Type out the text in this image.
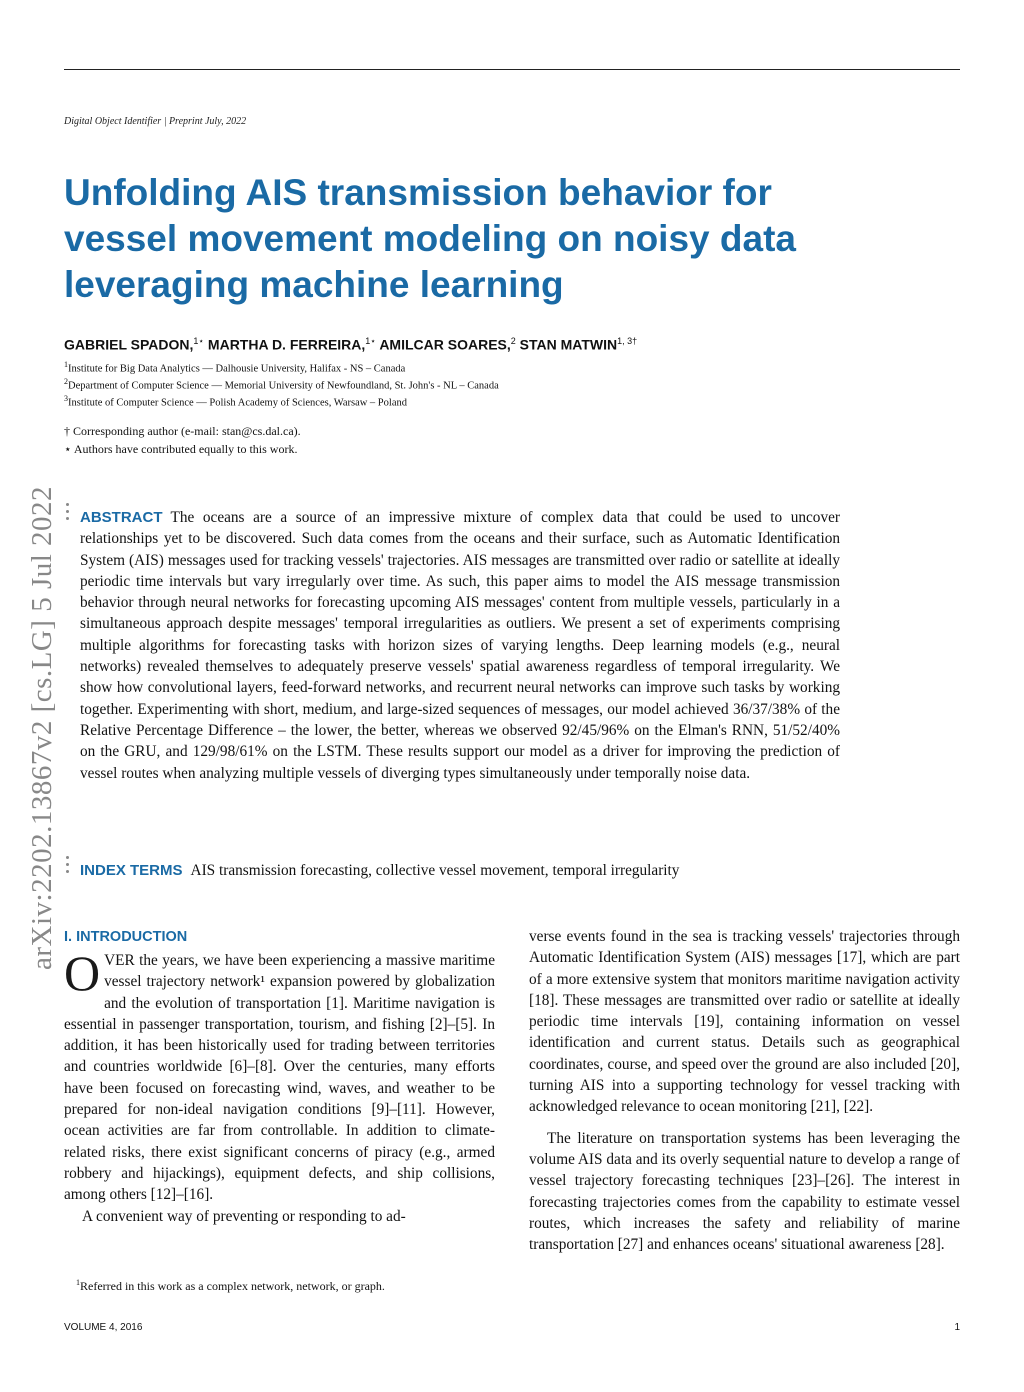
Digital Object Identifier | Preprint July, 2022
Unfolding AIS transmission behavior for vessel movement modeling on noisy data leveraging machine learning
GABRIEL SPADON,$^{1⋆}$ MARTHA D. FERREIRA,$^{1⋆}$ AMILCAR SOARES,$^2$ STAN $MATWIN^{1, 3\dagger}$
$^1$Institute for Big Data Analytics — Dalhousie University, Halifax - NS – Canada
$^2$Department of Computer Science — Memorial University of Newfoundland, St. John's - NL – Canada
$^3$Institute of Computer Science — Polish Academy of Sciences, Warsaw – Poland
† Corresponding author (e-mail: stan@cs.dal.ca).
⋆ Authors have contributed equally to this work.
arXiv:2202.13867v2 [cs.LG] 5 Jul 2022 ABSTRACT The oceans are a source of an impressive mixture of complex data that could be used to uncover relationships yet to be discovered. Such data comes from the oceans and their surface, such as Automatic Identification System (AIS) messages used for tracking vessels' trajectories. AIS messages are transmitted over radio or satellite at ideally periodic time intervals but vary irregularly over time. As such, this paper aims to model the AIS message transmission behavior through neural networks for forecasting upcoming AIS messages' content from multiple vessels, particularly in a simultaneous approach despite messages' temporal irregularities as outliers. We present a set of experiments comprising multiple algorithms for forecasting tasks with horizon sizes of varying lengths. Deep learning models (e.g., neural networks) revealed themselves to adequately preserve vessels' spatial awareness regardless of temporal irregularity. We show how convolutional layers, feed-forward networks, and recurrent neural networks can improve such tasks by working together. Experimenting with short, medium, and large-sized sequences of messages, our model achieved 36/37/38% of the Relative Percentage Difference – the lower, the better, whereas we observed 92/45/96% on the Elman's RNN, 51/52/40% on the GRU, and 129/98/61% on the LSTM. These results support our model as a driver for improving the prediction of vessel routes when analyzing multiple vessels of diverging types simultaneously under temporally noise data.

INDEX TERMS AIS transmission forecasting, collective vessel movement, temporal irregularity
I. INTRODUCTION

OVER the years, we have been experiencing a massive maritime vessel trajectory network¹ expansion powered by globalization and the evolution of transportation [1]. Maritime navigation is essential in passenger transportation, tourism, and fishing [2]–[5]. In addition, it has been historically used for trading between territories and countries worldwide [6]–[8]. Over the centuries, many efforts have been focused on forecasting wind, waves, and weather to be prepared for non-ideal navigation conditions [9]–[11]. However, ocean activities are far from controllable. In addition to climate-related risks, there exist significant concerns of piracy (e.g., armed robbery and hijackings), equipment defects, and ship collisions, among others [12]–[16].

A convenient way of preventing or responding to ad-

verse events found in the sea is tracking vessels' trajectories through Automatic Identification System (AIS) messages [17], which are part of a more extensive system that monitors maritime navigation activity [18]. These messages are transmitted over radio or satellite at ideally periodic time intervals [19], containing information on vessel identification and current status. Details such as geographical coordinates, course, and speed over the ground are also included [20], turning AIS into a supporting technology for vessel tracking with acknowledged relevance to ocean monitoring [21], [22].

The literature on transportation systems has been leveraging the volume AIS data and its overly sequential nature to develop a range of vessel trajectory forecasting techniques [23]–[26]. The interest in forecasting trajectories comes from the capability to estimate vessel routes, which increases the safety and reliability of marine transportation [27] and enhances oceans' situational awareness [28].

$^1$Referred in this work as a complex network, network, or graph.
VOLUME 4, 2016	1
